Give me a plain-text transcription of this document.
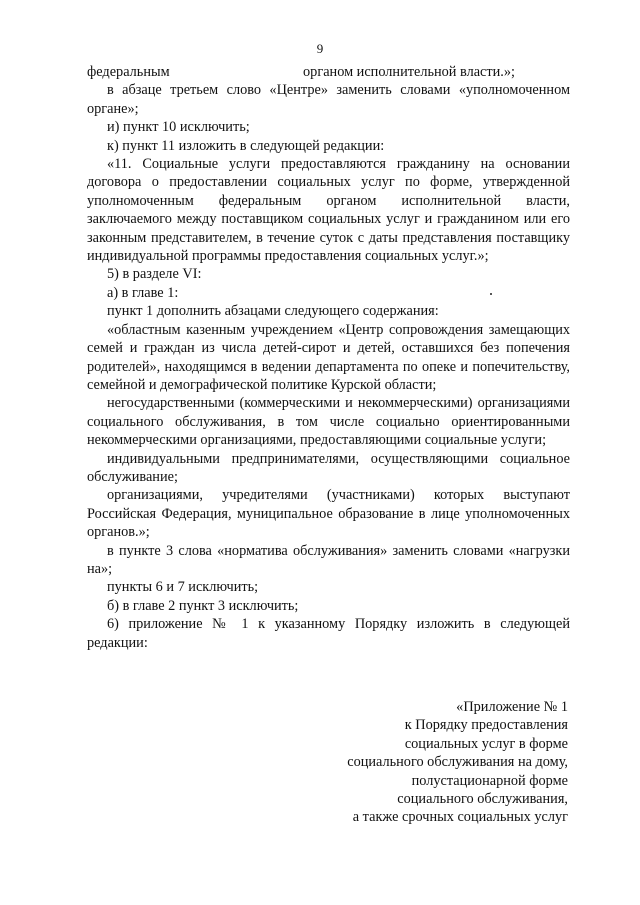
9
федеральным	органом исполнительной власти.»;

в абзаце третьем слово «Центре» заменить словами «уполномоченном органе»;

и) пункт 10 исключить;

к) пункт 11 изложить в следующей редакции:

«11. Социальные услуги предоставляются гражданину на основании договора о предоставлении социальных услуг по форме, утвержденной уполномоченным федеральным органом исполнительной власти, заключаемого между поставщиком социальных услуг и гражданином или его законным представителем, в течение суток с даты представления поставщику индивидуальной программы предоставления социальных услуг.»;

5) в разделе VI:

а) в главе 1:

пункт 1 дополнить абзацами следующего содержания:

«областным казенным учреждением «Центр сопровождения замещающих семей и граждан из числа детей-сирот и детей, оставшихся без попечения родителей», находящимся в ведении департамента по опеке и попечительству, семейной и демографической политике Курской области;

негосударственными (коммерческими и некоммерческими) организациями социального обслуживания, в том числе социально ориентированными некоммерческими организациями, предоставляющими социальные услуги;

индивидуальными предпринимателями, осуществляющими социальное обслуживание;

организациями, учредителями (участниками) которых выступают Российская Федерация, муниципальное образование в лице уполномоченных органов.»;

в пункте 3 слова «норматива обслуживания» заменить словами «нагрузки на»;

пункты 6 и 7 исключить;

б) в главе 2 пункт 3 исключить;

6) приложение № 1 к указанному Порядку изложить в следующей редакции:

«Приложение № 1
к Порядку предоставления
социальных услуг в форме
социального обслуживания на дому,
полустационарной форме
социального обслуживания,
а также срочных социальных услуг
